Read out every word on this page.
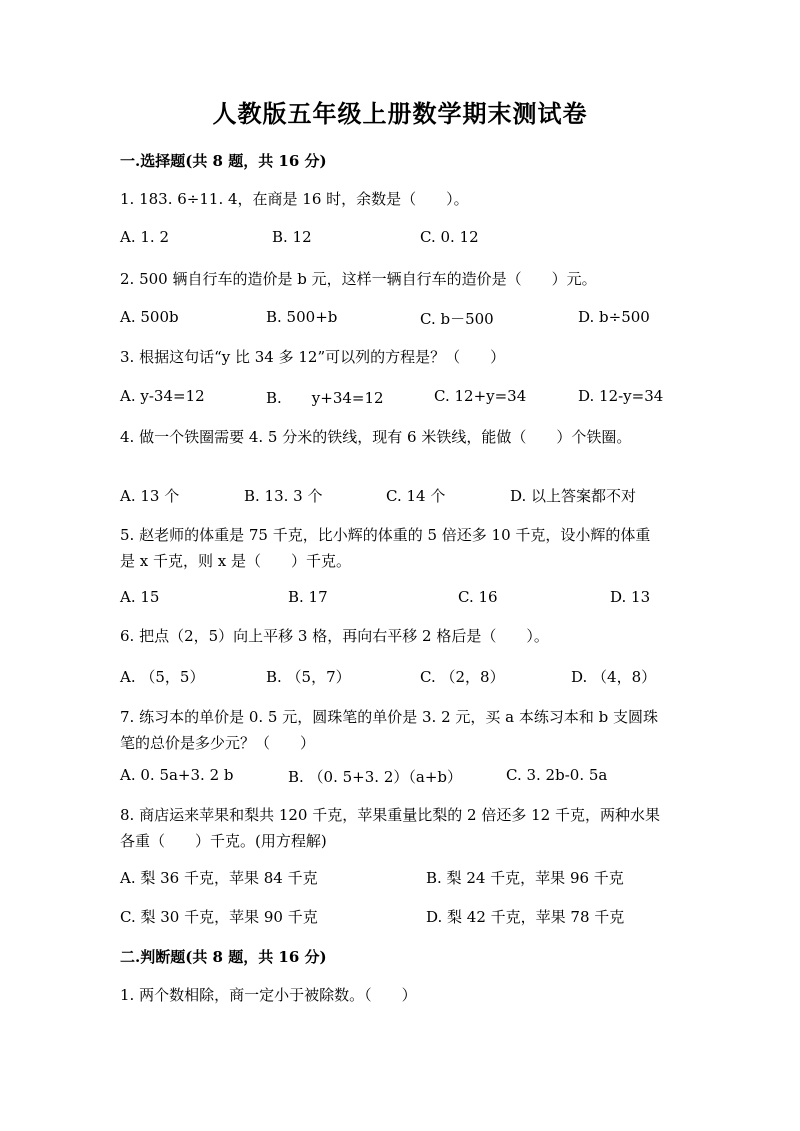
人教版五年级上册数学期末测试卷
一.选择题(共 8 题，共 16 分)
1. 183. 6÷11. 4，在商是 16 时，余数是（　　）。
A. 1. 2	B. 12	C. 0. 12
2. 500 辆自行车的造价是 b 元，这样一辆自行车的造价是（　　）元。
A. 500b	B. 500+b	C. b－500	D. b÷500
3. 根据这句话“y 比 34 多 12”可以列的方程是？（　　）
A. y-34=12	B.　　y+34=12	C. 12+y=34	D. 12-y=34
4. 做一个铁圈需要 4. 5 分米的铁线，现有 6 米铁线，能做（　　）个铁圈。
A. 13 个	B. 13. 3 个	C. 14 个	D. 以上答案都不对
5. 赵老师的体重是 75 千克，比小辉的体重的 5 倍还多 10 千克，设小辉的体重
是 x 千克，则 x 是（　　）千克。
A. 15	B. 17	C. 16	D. 13
6. 把点（2，5）向上平移 3 格，再向右平移 2 格后是（　　）。
A. （5，5）	B. （5，7）	C. （2，8）	D. （4，8）
7. 练习本的单价是 0. 5 元，圆珠笔的单价是 3. 2 元，买 a 本练习本和 b 支圆珠
笔的总价是多少元？（　　）
A. 0. 5a+3. 2 b	B. （0. 5+3. 2）（a+b）	C. 3. 2b-0. 5a
8. 商店运来苹果和梨共 120 千克，苹果重量比梨的 2 倍还多 12 千克，两种水果
各重（　　）千克。(用方程解)
A. 梨 36 千克，苹果 84 千克	B. 梨 24 千克，苹果 96 千克
C. 梨 30 千克，苹果 90 千克	D. 梨 42 千克，苹果 78 千克
二.判断题(共 8 题，共 16 分)
1. 两个数相除，商一定小于被除数。（　　）
